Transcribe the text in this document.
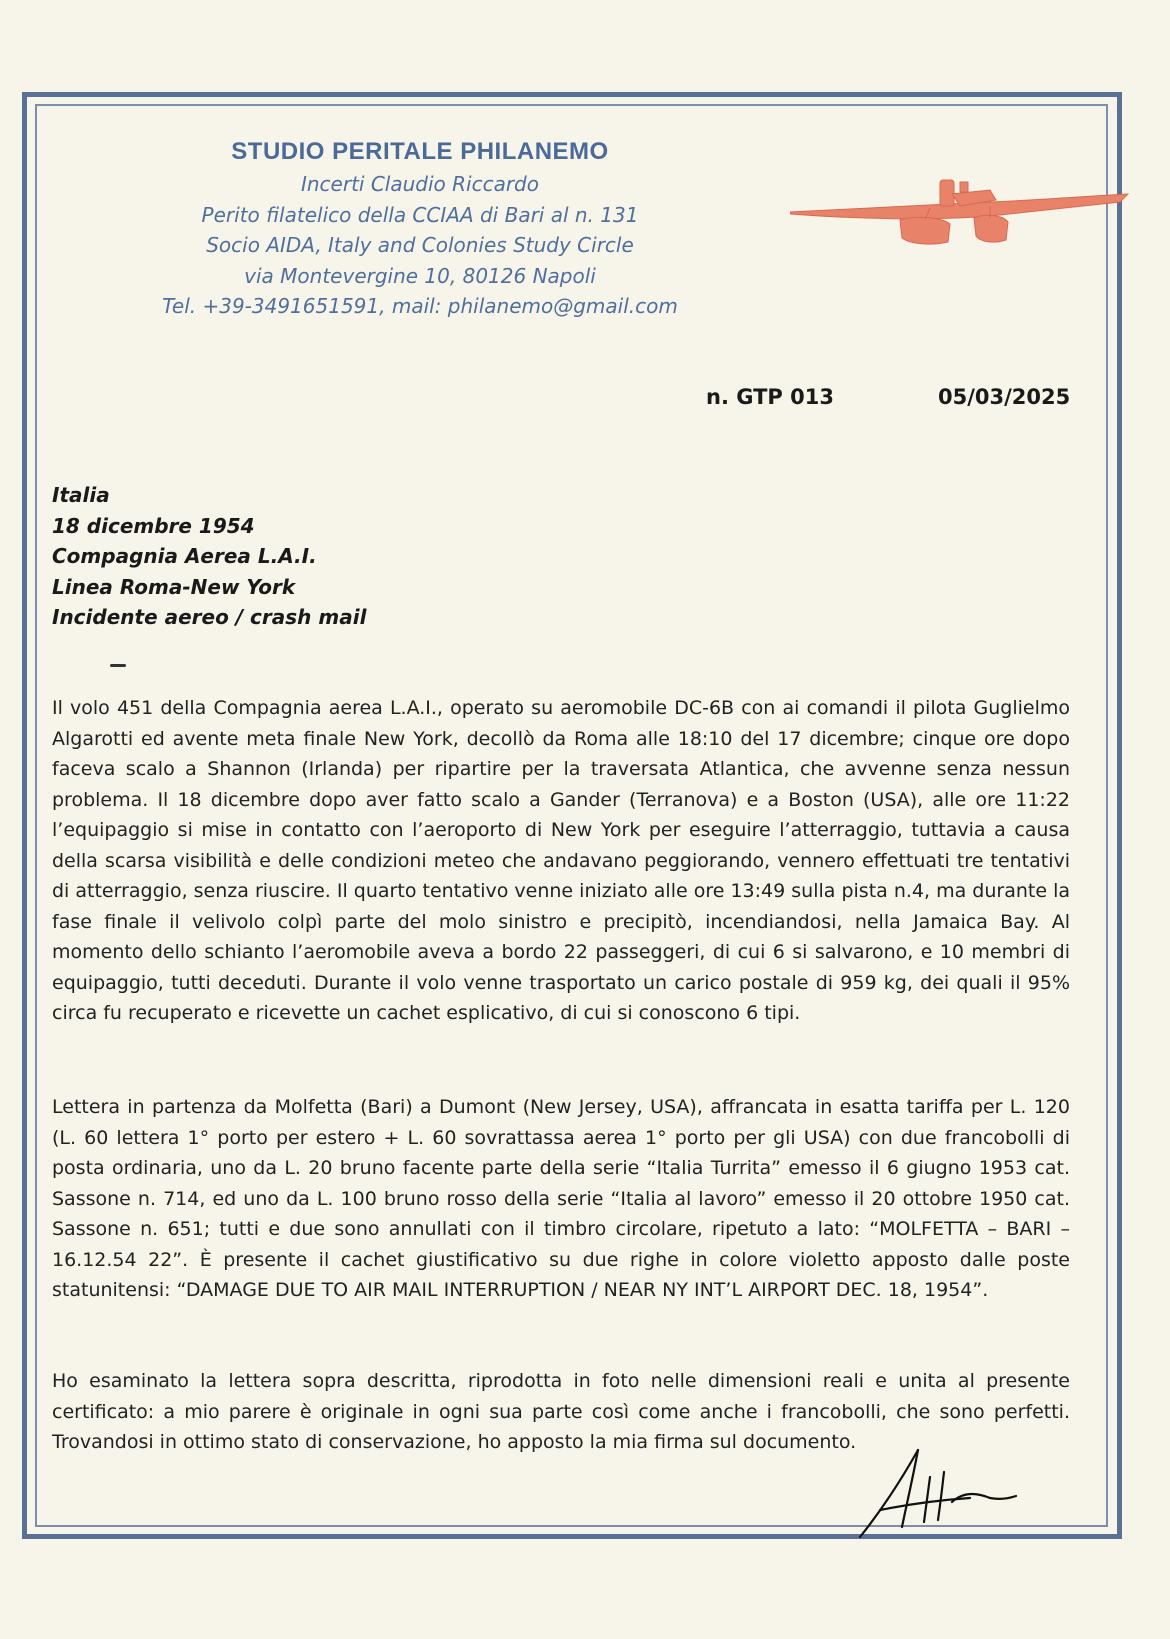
STUDIO PERITALE PHILANEMO
Incerti Claudio Riccardo
Perito filatelico della CCIAA di Bari al n. 131
Socio AIDA, Italy and Colonies Study Circle
via Montevergine 10, 80126 Napoli
Tel. +39-3491651591, mail: philanemo@gmail.com
n. GTP 013	05/03/2025
Italia
18 dicembre 1954
Compagnia Aerea L.A.I.
Linea Roma-New York
Incidente aereo / crash mail
Il volo 451 della Compagnia aerea L.A.I., operato su aeromobile DC-6B con ai comandi il pilota Guglielmo Algarotti ed avente meta finale New York, decollò da Roma alle 18:10 del 17 dicembre; cinque ore dopo faceva scalo a Shannon (Irlanda) per ripartire per la traversata Atlantica, che avvenne senza nessun problema. Il 18 dicembre dopo aver fatto scalo a Gander (Terranova) e a Boston (USA), alle ore 11:22 l’equipaggio si mise in contatto con l’aeroporto di New York per eseguire l’atterraggio, tuttavia a causa della scarsa visibilità e delle condizioni meteo che andavano peggiorando, vennero effettuati tre tentativi di atterraggio, senza riuscire. Il quarto tentativo venne iniziato alle ore 13:49 sulla pista n.4, ma durante la fase finale il velivolo colpì parte del molo sinistro e precipitò, incendiandosi, nella Jamaica Bay. Al momento dello schianto l’aeromobile aveva a bordo 22 passeggeri, di cui 6 si salvarono, e 10 membri di equipaggio, tutti deceduti. Durante il volo venne trasportato un carico postale di 959 kg, dei quali il 95% circa fu recuperato e ricevette un cachet esplicativo, di cui si conoscono 6 tipi.
Lettera in partenza da Molfetta (Bari) a Dumont (New Jersey, USA), affrancata in esatta tariffa per L. 120 (L. 60 lettera 1° porto per estero + L. 60 sovrattassa aerea 1° porto per gli USA) con due francobolli di posta ordinaria, uno da L. 20 bruno facente parte della serie “Italia Turrita” emesso il 6 giugno 1953 cat. Sassone n. 714, ed uno da L. 100 bruno rosso della serie “Italia al lavoro” emesso il 20 ottobre 1950 cat. Sassone n. 651; tutti e due sono annullati con il timbro circolare, ripetuto a lato: “MOLFETTA – BARI – 16.12.54 22”. È presente il cachet giustificativo su due righe in colore violetto apposto dalle poste statunitensi: “DAMAGE DUE TO AIR MAIL INTERRUPTION / NEAR NY INT’L AIRPORT DEC. 18, 1954”.
Ho esaminato la lettera sopra descritta, riprodotta in foto nelle dimensioni reali e unita al presente certificato: a mio parere è originale in ogni sua parte così come anche i francobolli, che sono perfetti. Trovandosi in ottimo stato di conservazione, ho apposto la mia firma sul documento.
